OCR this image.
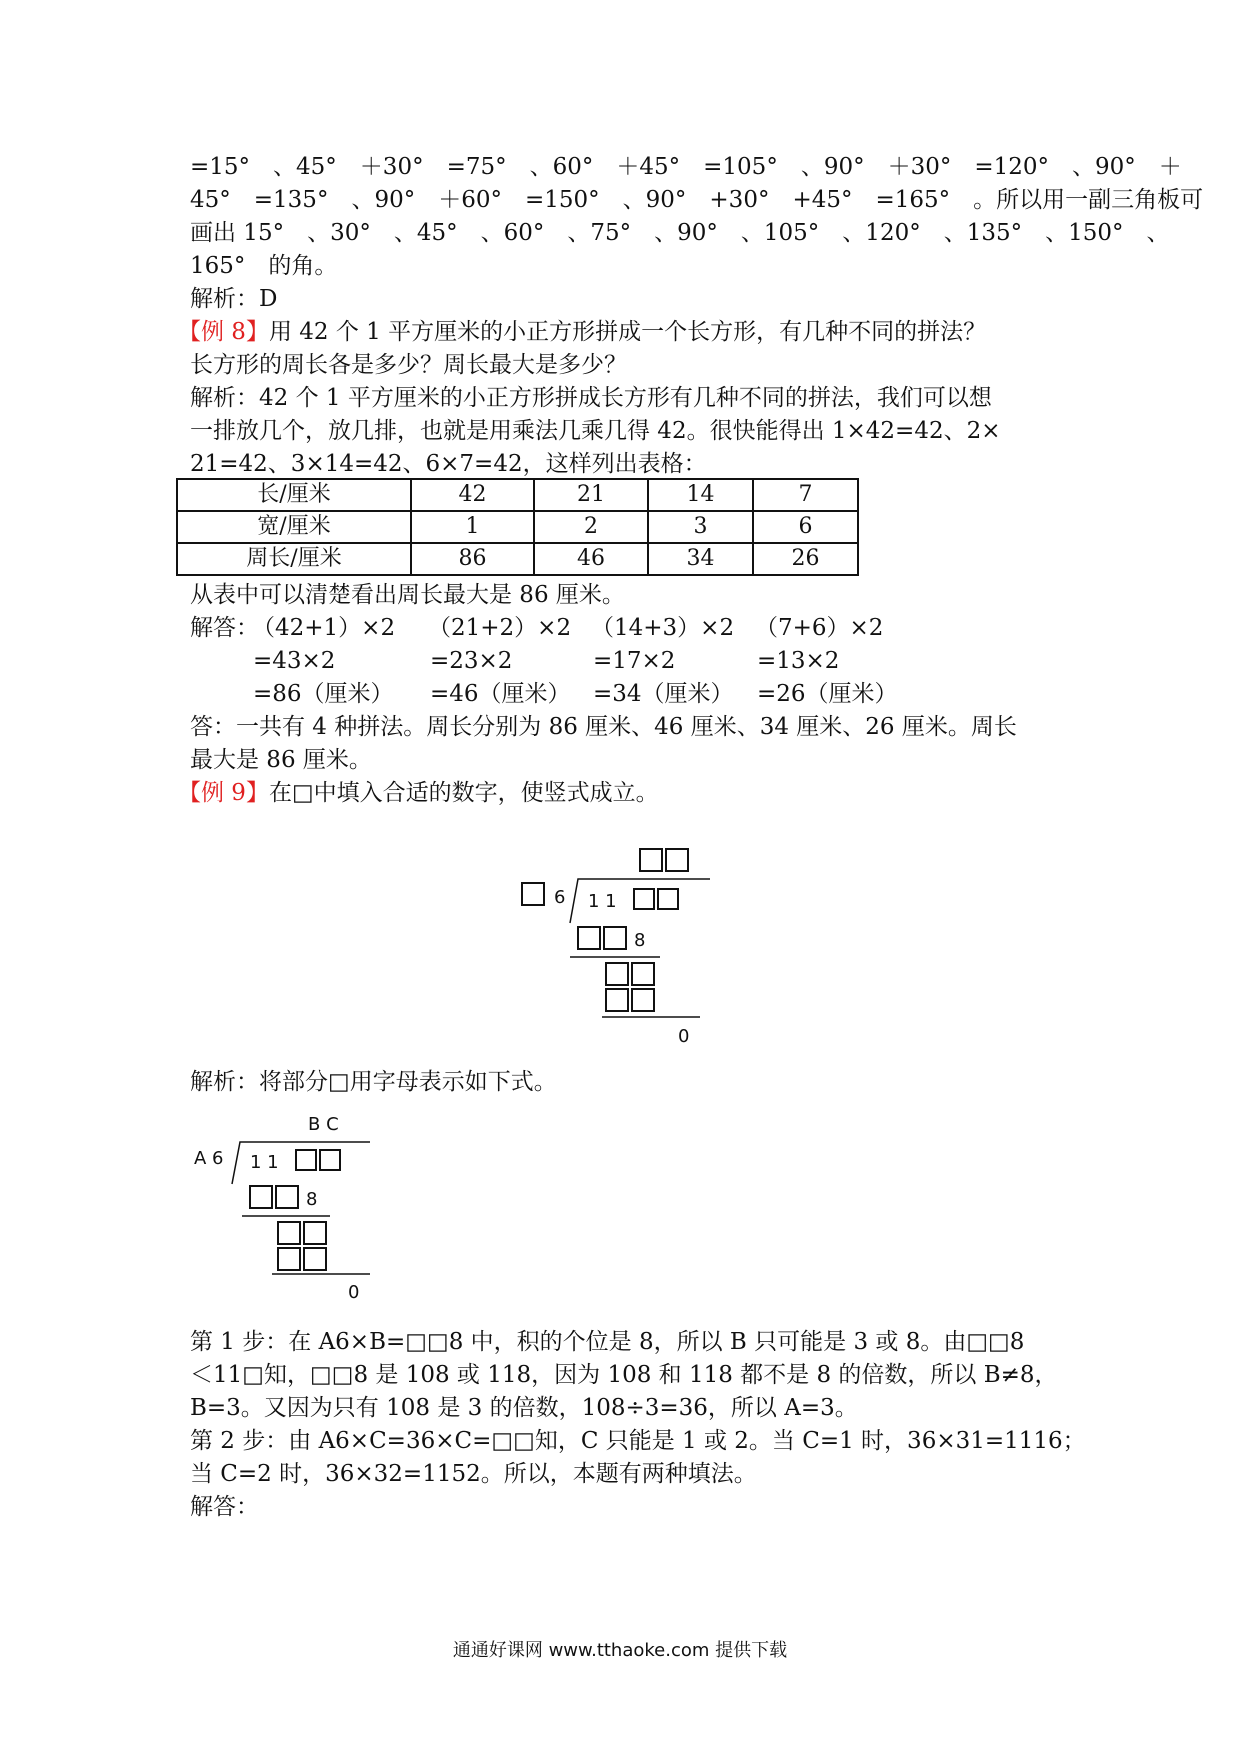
=15°　、45°　＋30°　=75°　、60°　＋45°　=105°　、90°　＋30°　=120°　、90°　＋
45°　=135°　、90°　＋60°　=150°　、90°　+30°　+45°　=165°　。所以用一副三角板可
画出 15°　、30°　、45°　、60°　、75°　、90°　、105°　、120°　、135°　、150°　、
165°　的角。
解析：D
【例 8】用 42 个 1 平方厘米的小正方形拼成一个长方形，有几种不同的拼法？
长方形的周长各是多少？周长最大是多少？
解析：42 个 1 平方厘米的小正方形拼成长方形有几种不同的拼法，我们可以想
一排放几个，放几排，也就是用乘法几乘几得 42。很快能得出 1×42=42、2×
21=42、3×14=42、6×7=42，这样列出表格：
长/厘米	42	21	14	7
宽/厘米	1	2	3	6
周长/厘米	86	46	34	26
从表中可以清楚看出周长最大是 86 厘米。
解答：
（42+1）×2
=43×2
=86（厘米）
（21+2）×2
=23×2
=46（厘米）
（14+3）×2
=17×2
=34（厘米）
（7+6）×2
=13×2
=26（厘米）
答：一共有 4 种拼法。周长分别为 86 厘米、46 厘米、34 厘米、26 厘米。周长
最大是 86 厘米。
【例 9】在□中填入合适的数字，使竖式成立。
6 1 1
8
0
解析：将部分□用字母表示如下式。
B C
A 6 1 1
8
0
第 1 步：在 A6×B=□□8 中，积的个位是 8，所以 B 只可能是 3 或 8。由□□8
＜11□知，□□8 是 108 或 118，因为 108 和 118 都不是 8 的倍数，所以 B≠8，
B=3。又因为只有 108 是 3 的倍数，108÷3=36，所以 A=3。
第 2 步：由 A6×C=36×C=□□知，C 只能是 1 或 2。当 C=1 时，36×31=1116；
当 C=2 时，36×32=1152。所以，本题有两种填法。
解答：
通通好课网 www.tthaoke.com 提供下载
